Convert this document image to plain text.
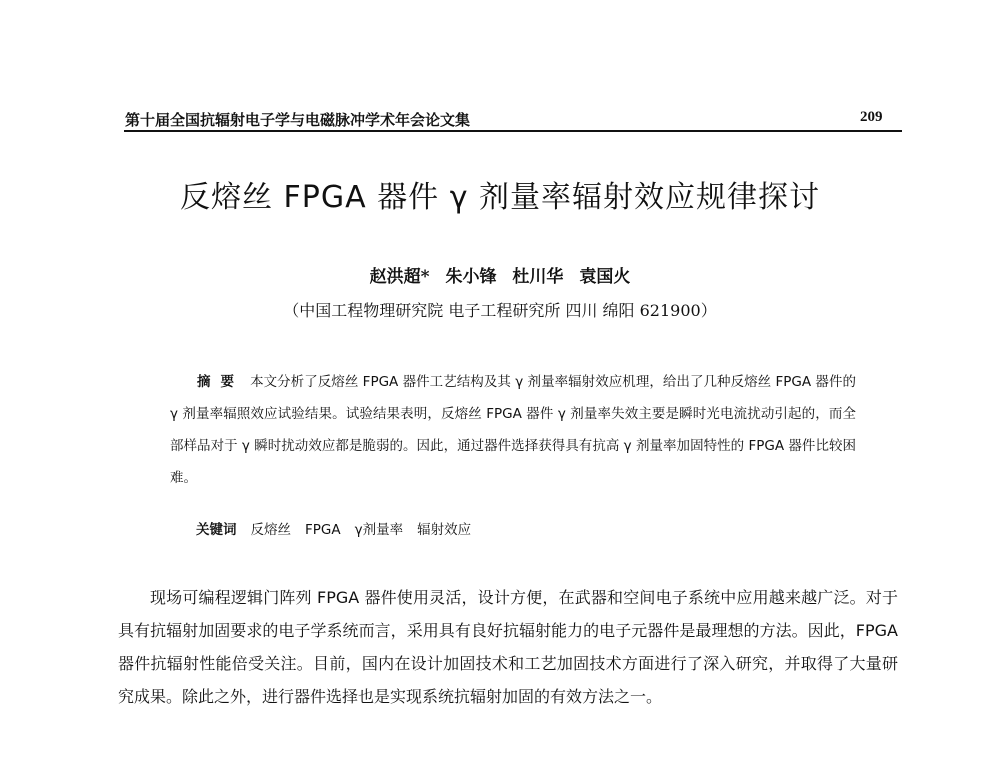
第十届全国抗辐射电子学与电磁脉冲学术年会论文集	209
反熔丝 FPGA 器件 γ 剂量率辐射效应规律探讨
赵洪超* 朱小锋 杜川华 袁国火
（中国工程物理研究院 电子工程研究所 四川 绵阳 621900）
摘要 本文分析了反熔丝 FPGA 器件工艺结构及其 γ 剂量率辐射效应机理，给出了几种反熔丝 FPGA 器件的 γ 剂量率辐照效应试验结果。试验结果表明，反熔丝 FPGA 器件 γ 剂量率失效主要是瞬时光电流扰动引起的，而全部样品对于 γ 瞬时扰动效应都是脆弱的。因此，通过器件选择获得具有抗高 γ 剂量率加固特性的 FPGA 器件比较困难。
关键词 反熔丝 FPGA γ剂量率 辐射效应
现场可编程逻辑门阵列 FPGA 器件使用灵活，设计方便，在武器和空间电子系统中应用越来越广泛。对于具有抗辐射加固要求的电子学系统而言，采用具有良好抗辐射能力的电子元器件是最理想的方法。因此，FPGA 器件抗辐射性能倍受关注。目前，国内在设计加固技术和工艺加固技术方面进行了深入研究，并取得了大量研究成果。除此之外，进行器件选择也是实现系统抗辐射加固的有效方法之一。
